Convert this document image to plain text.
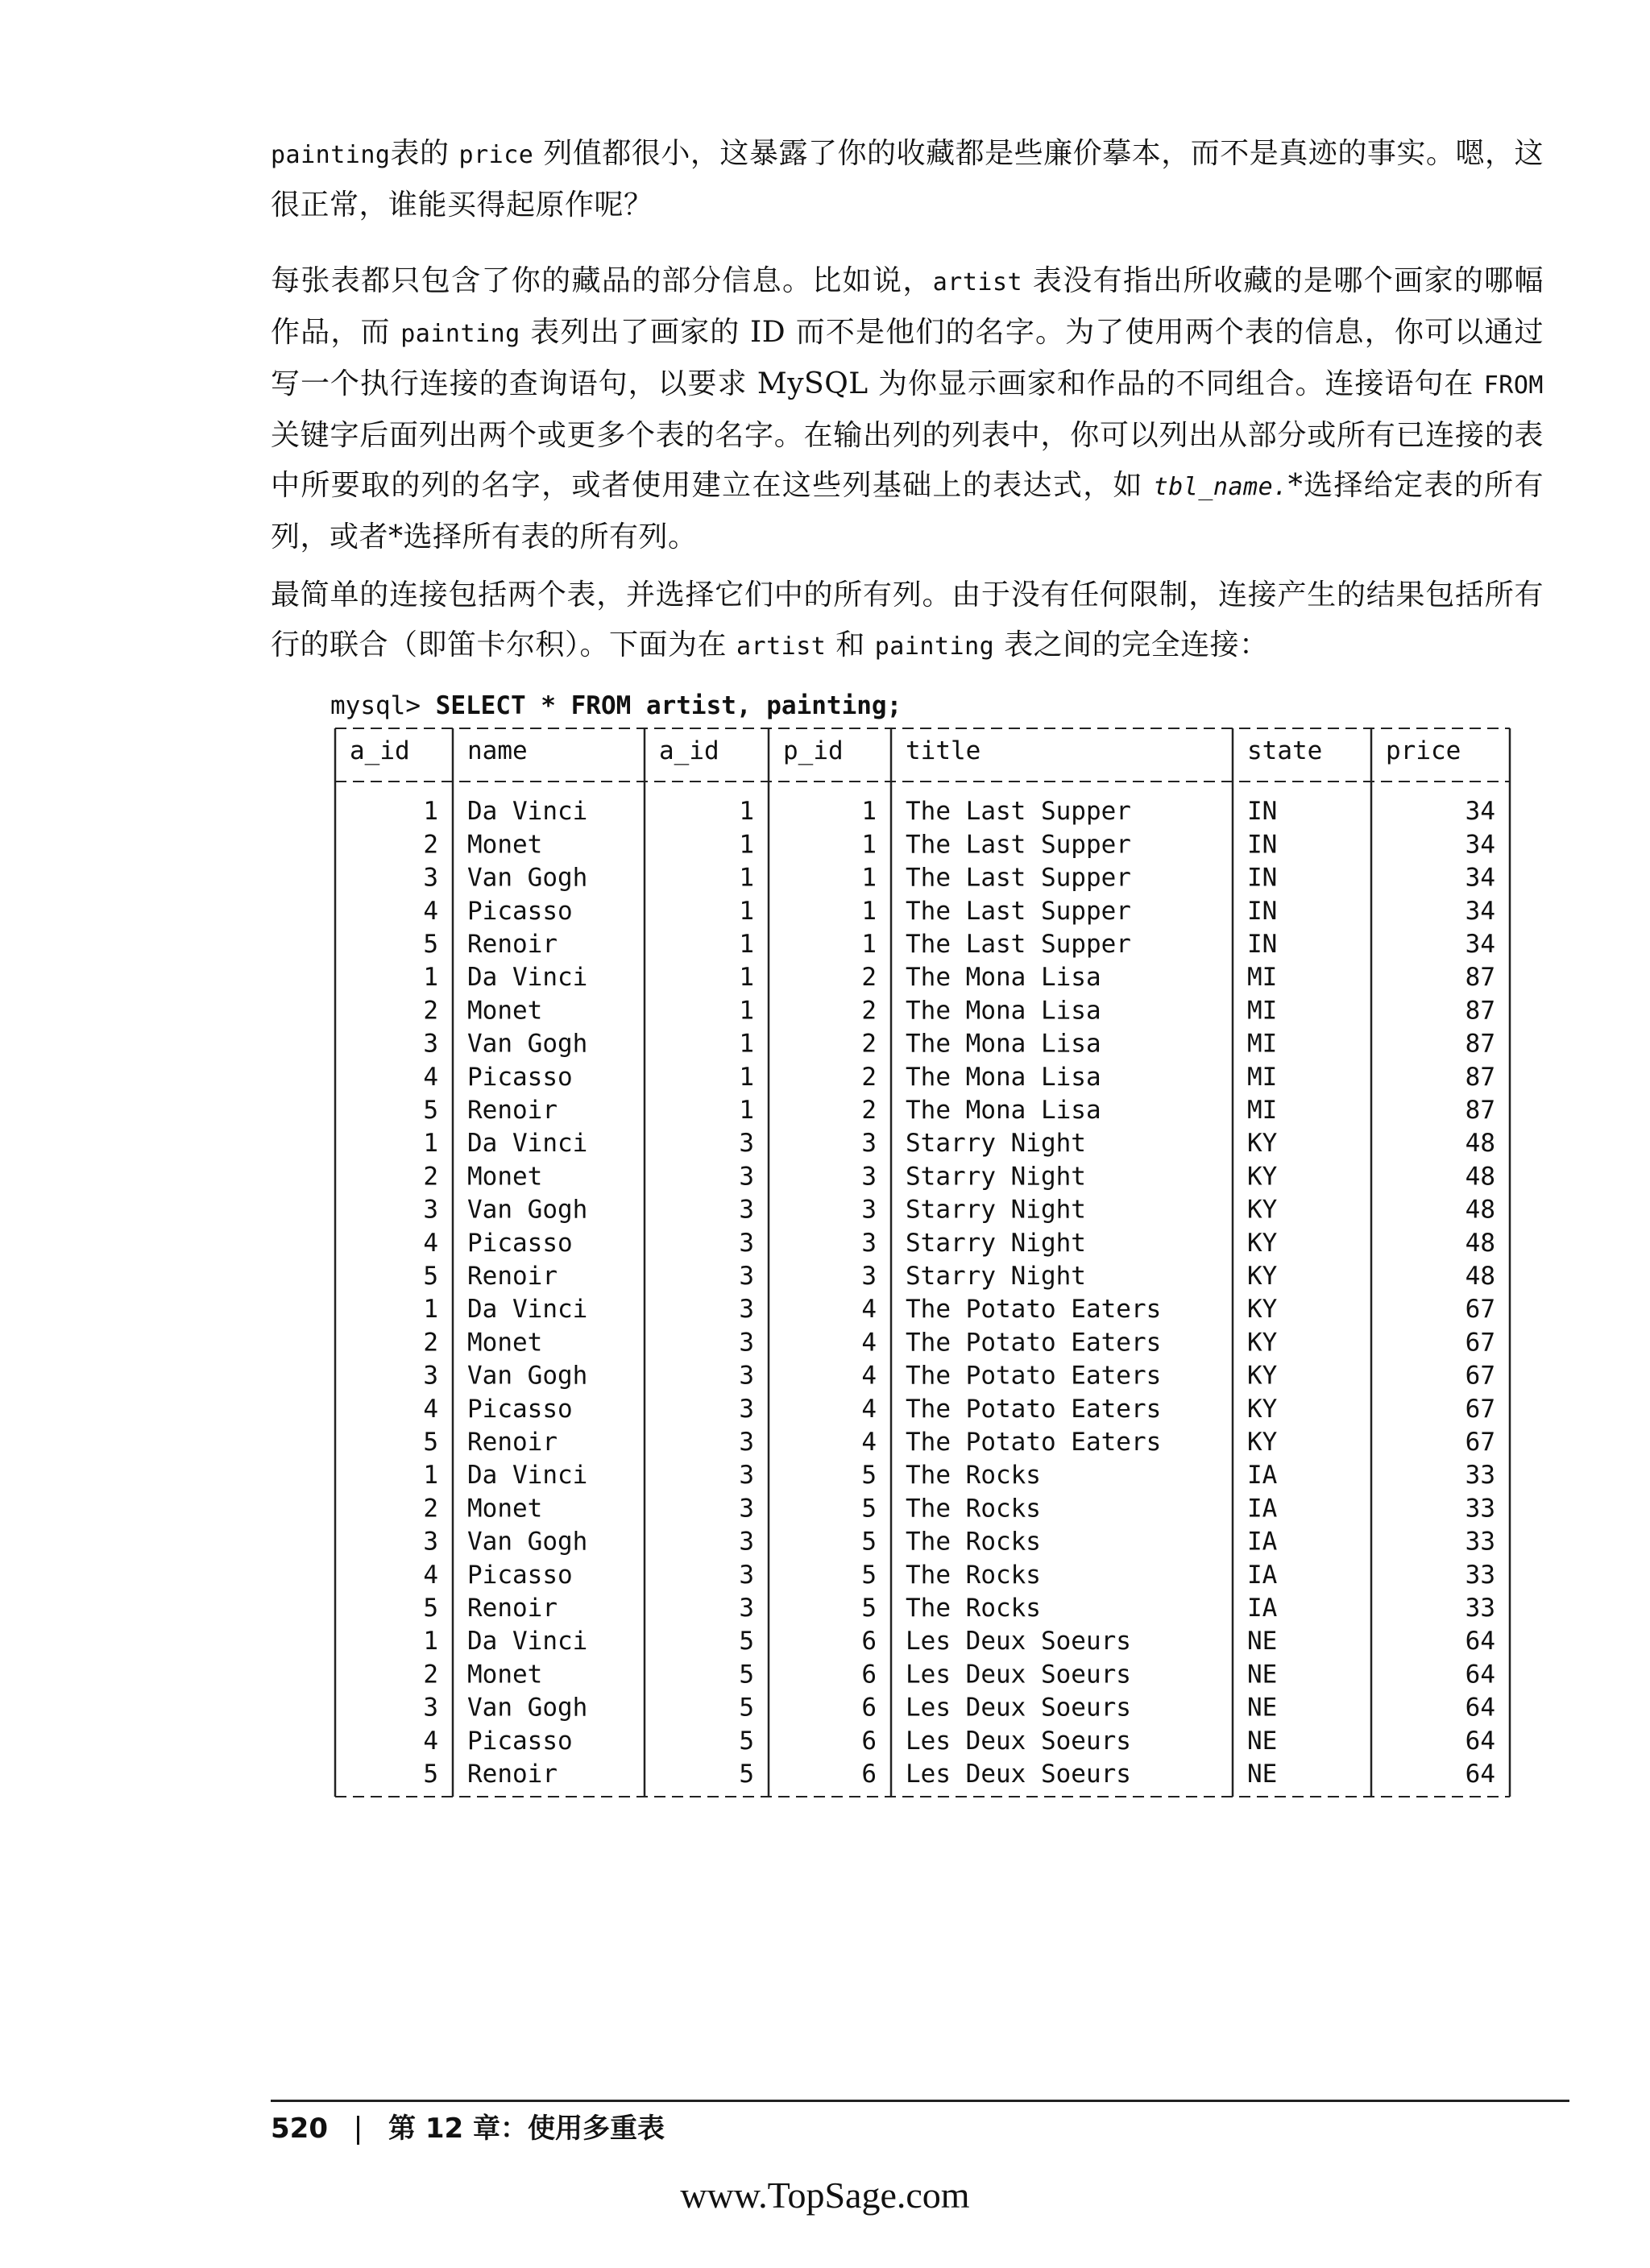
painting表的 price 列值都很小，这暴露了你的收藏都是些廉价摹本，而不是真迹的事实。嗯，这很正常，谁能买得起原作呢？

每张表都只包含了你的藏品的部分信息。比如说，artist 表没有指出所收藏的是哪个画家的哪幅作品，而 painting 表列出了画家的 ID 而不是他们的名字。为了使用两个表的信息，你可以通过写一个执行连接的查询语句，以要求 MySQL 为你显示画家和作品的不同组合。连接语句在 FROM 关键字后面列出两个或更多个表的名字。在输出列的列表中，你可以列出从部分或所有已连接的表中所要取的列的名字，或者使用建立在这些列基础上的表达式，如 tbl_name.*选择给定表的所有列，或者*选择所有表的所有列。

最简单的连接包括两个表，并选择它们中的所有列。由于没有任何限制，连接产生的结果包括所有行的联合（即笛卡尔积）。下面为在 artist 和 painting 表之间的完全连接：

mysql> SELECT * FROM artist, painting;
a_id name	a_id	p_id title	state	price
1 Da Vinci	1	1 The Last Supper	IN	34
2 Monet	1	1 The Last Supper	IN	34
3 Van Gogh	1	1 The Last Supper	IN	34
4 Picasso	1	1 The Last Supper	IN	34
5 Renoir	1	1 The Last Supper	IN	34
1 Da Vinci	1	2 The Mona Lisa	MI	87
2 Monet	1	2 The Mona Lisa	MI	87
3 Van Gogh	1	2 The Mona Lisa	MI	87
4 Picasso	1	2 The Mona Lisa	MI	87
5 Renoir	1	2 The Mona Lisa	MI	87
1 Da Vinci	3	3 Starry Night	KY	48
2 Monet	3	3 Starry Night	KY	48
3 Van Gogh	3	3 Starry Night	KY	48
4 Picasso	3	3 Starry Night	KY	48
5 Renoir	3	3 Starry Night	KY	48
1 Da Vinci	3	4 The Potato Eaters	KY	67
2 Monet	3	4 The Potato Eaters	KY	67
3 Van Gogh	3	4 The Potato Eaters	KY	67
4 Picasso	3	4 The Potato Eaters	KY	67
5 Renoir	3	4 The Potato Eaters	KY	67
1 Da Vinci	3	5 The Rocks	IA	33
2 Monet	3	5 The Rocks	IA	33
3 Van Gogh	3	5 The Rocks	IA	33
4 Picasso	3	5 The Rocks	IA	33
5 Renoir	3	5 The Rocks	IA	33
1 Da Vinci	5	6 Les Deux Soeurs	NE	64
2 Monet	5	6 Les Deux Soeurs	NE	64
3 Van Gogh	5	6 Les Deux Soeurs	NE	64
4 Picasso	5	6 Les Deux Soeurs	NE	64
5 Renoir	5	6 Les Deux Soeurs	NE	64
520 第 12 章：使用多重表
www.TopSage.com
